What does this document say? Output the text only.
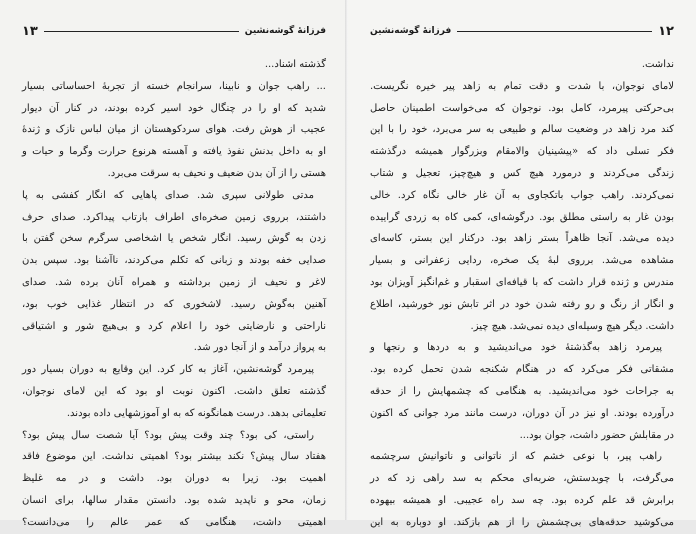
۱۳	فرزانهٔ گوشه‌نشین
گذشته اشناد...
... راهب جوان و نابینا، سرانجام خسته از تجربهٔ احساساتی بسیار
شدید که او را در چنگال خود اسیر کرده بودند، در کنار آن دیوار
عجیب از هوش رفت. هوای سردکوهستان از میان لباس نازک و ژندهٔ
او به داخل بدنش نفوذ یافته و آهسته هرنوع حرارت وگرما و حیات و
هستی را از آن بدن ضعیف و نحیف به سرقت می‌برد.
مدتی طولانی سپری شد. صدای پاهایی که انگار کفشی به پا
داشتند، برروی زمین صخره‌ای اطراف بازتاب پیداکرد. صدای حرف
زدن به گوش رسید. انگار شخص یا اشخاصی سرگرم سخن گفتن با
صدایی خفه بودند و زبانی که تکلم می‌کردند، ناآشنا بود. سپس بدن
لاغر و نحیف از زمین برداشته و همراه آنان برده شد. صدای
آهنین به‌گوش رسید. لاشخوری که در انتظار غذایی خوب بود،
ناراحتی و نارضایتی خود را اعلام کرد و بی‌هیچ شور و اشتیاقی
به پرواز درآمد و از آنجا دور شد.
پیرمرد گوشه‌نشین، آغاز به کار کرد. این وقایع به دوران بسیار دور
گذشته تعلق داشت. اکنون نوبت او بود که این لامای نوجوان،
تعلیماتی بدهد. درست همانگونه که به او آموزشهایی داده بودند.
راستی، کی بود؟ چند وقت پیش بود؟ آیا شصت سال پیش بود؟
هفتاد سال پیش؟ نکند بیشتر بود؟ اهمیتی نداشت. این موضوع فاقد
اهمیت بود. زیرا به دوران بود. داشت و در مه غلیظ
زمان، محو و ناپدید شده بود. دانستن مقدار سالها، برای انسان
اهمیتی داشت، هنگامی که عمر عالم را می‌دانست؟
فرزانهٔ گوشه‌نشین	۱۲
نداشت.
لامای نوجوان، با شدت و دقت تمام به زاهد پیر خیره نگریست.
بی‌حرکتی پیرمرد، کامل بود. نوجوان که می‌خواست اطمینان حاصل
کند مرد زاهد در وضعیت سالم و طبیعی به سر می‌برد، خود را با این
فکر تسلی داد که «پیشینیان والامقام وبزرگوار همیشه درگذشته
زندگی می‌کردند و درمورد هیچ کس و هیچ‌چیز، تعجیل و شتاب
نمی‌کردند. راهب جواب باتکجاوی به آن غار خالی نگاه کرد. خالی
بودن غار به راستی مطلق بود. درگوشه‌ای، کمی کاه به زردی گراییده
دیده می‌شد. آنجا ظاهراً بستر زاهد بود. درکنار این بستر، کاسه‌ای
مشاهده می‌شد. برروی لبهٔ یک صخره، ردایی زعفرانی و بسیار
مندرس و ژنده قرار داشت که با قیافه‌ای اسقبار و غم‌انگیز آویزان بود
و انگار از رنگ و رو رفته شدن خود در اثر تابش نور خورشید، اطلاع
داشت. دیگر هیچ وسیله‌ای دیده نمی‌شد. هیچ چیز.
پیرمرد زاهد به‌گذشتهٔ خود می‌اندیشید و به دردها و رنجها و
مشقاتی فکر می‌کرد که در هنگام شکنجه شدن تحمل کرده بود.
به جراحات خود می‌اندیشید. به هنگامی که چشمهایش را از حدقه
درآورده بودند. او نیز در آن دوران، درست مانند مرد جوانی که اکنون
در مقابلش حضور داشت، جوان بود...
راهب پیر، با نوعی خشم که از ناتوانی و ناتوانیش سرچشمه
می‌گرفت، با چوبدستش، ضربه‌ای محکم به سد راهی زد که در
برابرش قد علم کرده بود. چه سد راه عجیبی. او همیشه بیهوده
می‌کوشید حدقه‌های بی‌چشمش را از هم بازکند. او دوباره به این
